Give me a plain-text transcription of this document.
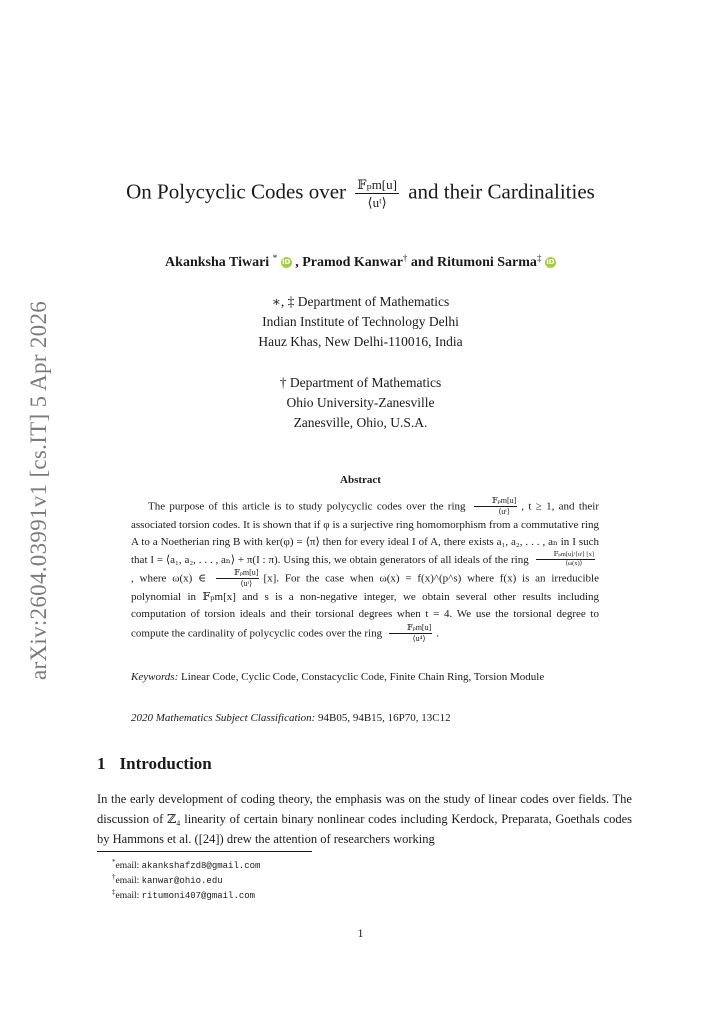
arXiv:2604.03991v1 [cs.IT] 5 Apr 2026
On Polycyclic Codes over $\frac{\text{𝔽ₚm[u]}}{\text{⟨uᵗ⟩}}$ and their Cardinalities
Akanksha Tiwari * iD , Pramod Kanwar† and Ritumoni Sarma‡ iD
∗, ‡ Department of Mathematics
Indian Institute of Technology Delhi
Hauz Khas, New Delhi-110016, India
† Department of Mathematics
Ohio University-Zanesville
Zanesville, Ohio, U.S.A.
Abstract

The purpose of this article is to study polycyclic codes over the ring $\frac{\text{𝔽ₚm[u]}}{\text{⟨uᵗ⟩}}$ , t ≥ 1, and their associated torsion codes. It is shown that if φ is a surjective ring homomorphism from a commutative ring A to a Noetherian ring B with ker(φ) = ⟨π⟩ then for every ideal I of A, there exists a₁, a₂, . . . , aₙ in I such that I = ⟨a₁, a₂, . . . , aₙ⟩ + π(I : π). Using this, we obtain generators of all ideals of the ring $\frac{\text{𝔽ₚm[u]/⟨uᵗ⟩ [x]}}{⟨\omega(x)⟩}$
, where ω(x) ∈ $\frac{\text{𝔽ₚm[u]}}{\text{⟨uᵗ⟩}} [x]$. For the case when ω(x) = f(x)^(p^s) where f(x) is an irreducible polynomial in 𝔽ₚm[x] and s is a non-negative integer, we obtain several other results including computation of torsion ideals and their torsional degrees when t = 4. We use the torsional degree to compute the cardinality of polycyclic codes over the ring $\frac{\text{𝔽ₚm[u]}}{\text{⟨u⁴⟩}}$ .

Keywords: Linear Code, Cyclic Code, Constacyclic Code, Finite Chain Ring, Torsion Module
2020 Mathematics Subject Classification: 94B05, 94B15, 16P70, 13C12
1 Introduction

In the early development of coding theory, the emphasis was on the study of linear codes over fields. The discussion of ℤ₄ linearity of certain binary nonlinear codes including Kerdock, Preparata, Goethals codes by Hammons et al. ([24]) drew the attention of researchers working

*email: akankshafzd8@gmail.com
†email: kanwar@ohio.edu
‡email: ritumoni407@gmail.com
1
